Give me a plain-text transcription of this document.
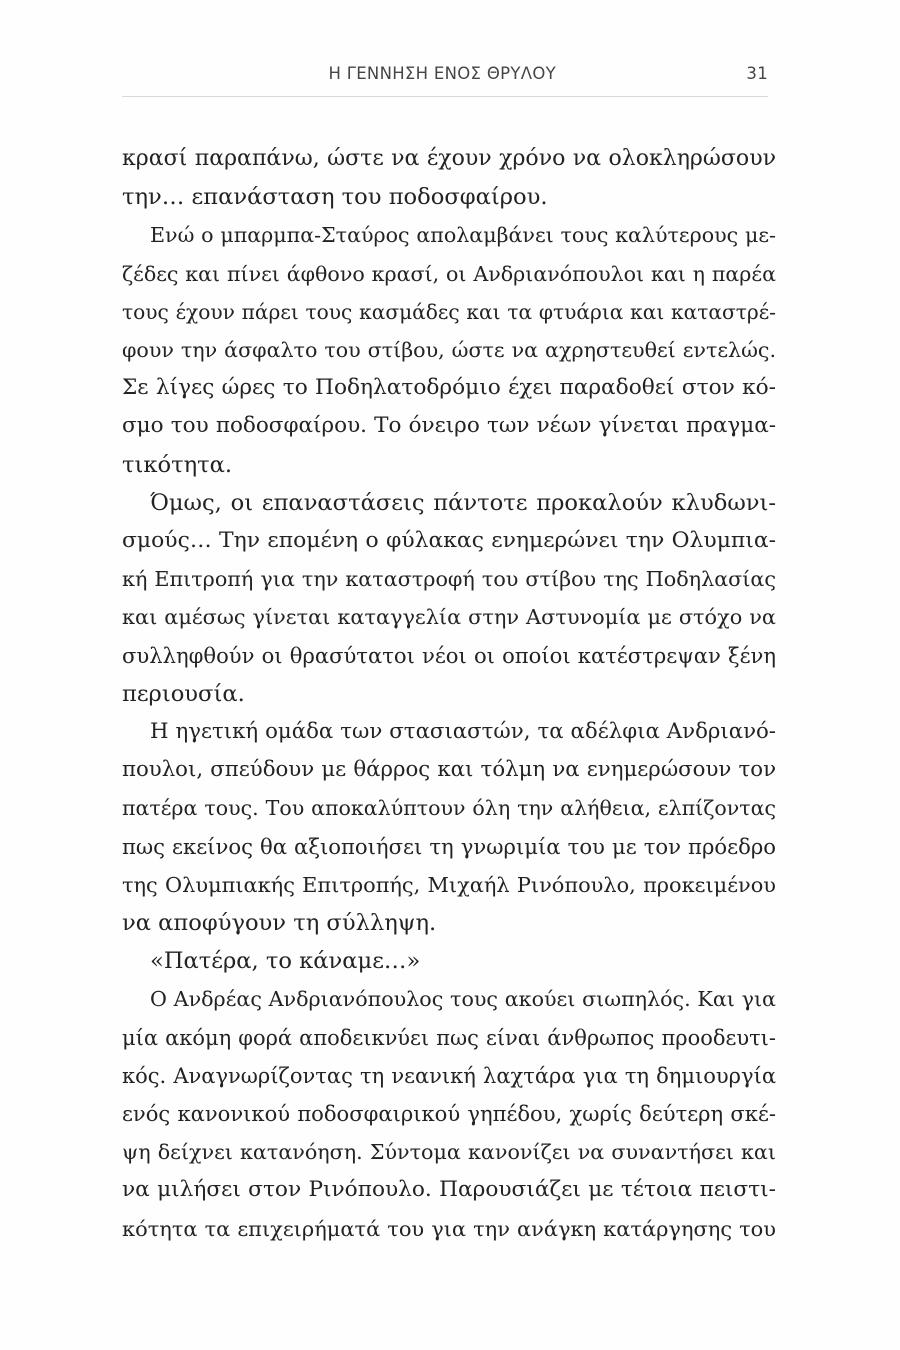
Η ΓΕΝΝΗΣΗ ΕΝΟΣ ΘΡΥΛΟΥ	31
κρασί παραπάνω, ώστε να έχουν χρόνο να ολοκληρώσουν
την… επανάσταση του ποδοσφαίρου.
Ενώ ο μπαρμπα-Σταύρος απολαμβάνει τους καλύτερους με-
ζέδες και πίνει άφθονο κρασί, οι Ανδριανόπουλοι και η παρέα
τους έχουν πάρει τους κασμάδες και τα φτυάρια και καταστρέ-
φουν την άσφαλτο του στίβου, ώστε να αχρηστευθεί εντελώς.
Σε λίγες ώρες το Ποδηλατοδρόμιο έχει παραδοθεί στον κό-
σμο του ποδοσφαίρου. Το όνειρο των νέων γίνεται πραγμα-
τικότητα.
Όμως, οι επαναστάσεις πάντοτε προκαλούν κλυδωνι-
σμούς… Την επομένη ο φύλακας ενημερώνει την Ολυμπια-
κή Επιτροπή για την καταστροφή του στίβου της Ποδηλασίας
και αμέσως γίνεται καταγγελία στην Αστυνομία με στόχο να
συλληφθούν οι θρασύτατοι νέοι οι οποίοι κατέστρεψαν ξένη
περιουσία.
Η ηγετική ομάδα των στασιαστών, τα αδέλφια Ανδριανό-
πουλοι, σπεύδουν με θάρρος και τόλμη να ενημερώσουν τον
πατέρα τους. Του αποκαλύπτουν όλη την αλήθεια, ελπίζοντας
πως εκείνος θα αξιοποιήσει τη γνωριμία του με τον πρόεδρο
της Ολυμπιακής Επιτροπής, Μιχαήλ Ρινόπουλο, προκειμένου
να αποφύγουν τη σύλληψη.
«Πατέρα, το κάναμε…»
Ο Ανδρέας Ανδριανόπουλος τους ακούει σιωπηλός. Και για
μία ακόμη φορά αποδεικνύει πως είναι άνθρωπος προοδευτι-
κός. Αναγνωρίζοντας τη νεανική λαχτάρα για τη δημιουργία
ενός κανονικού ποδοσφαιρικού γηπέδου, χωρίς δεύτερη σκέ-
ψη δείχνει κατανόηση. Σύντομα κανονίζει να συναντήσει και
να μιλήσει στον Ρινόπουλο. Παρουσιάζει με τέτοια πειστι-
κότητα τα επιχειρήματά του για την ανάγκη κατάργησης του
